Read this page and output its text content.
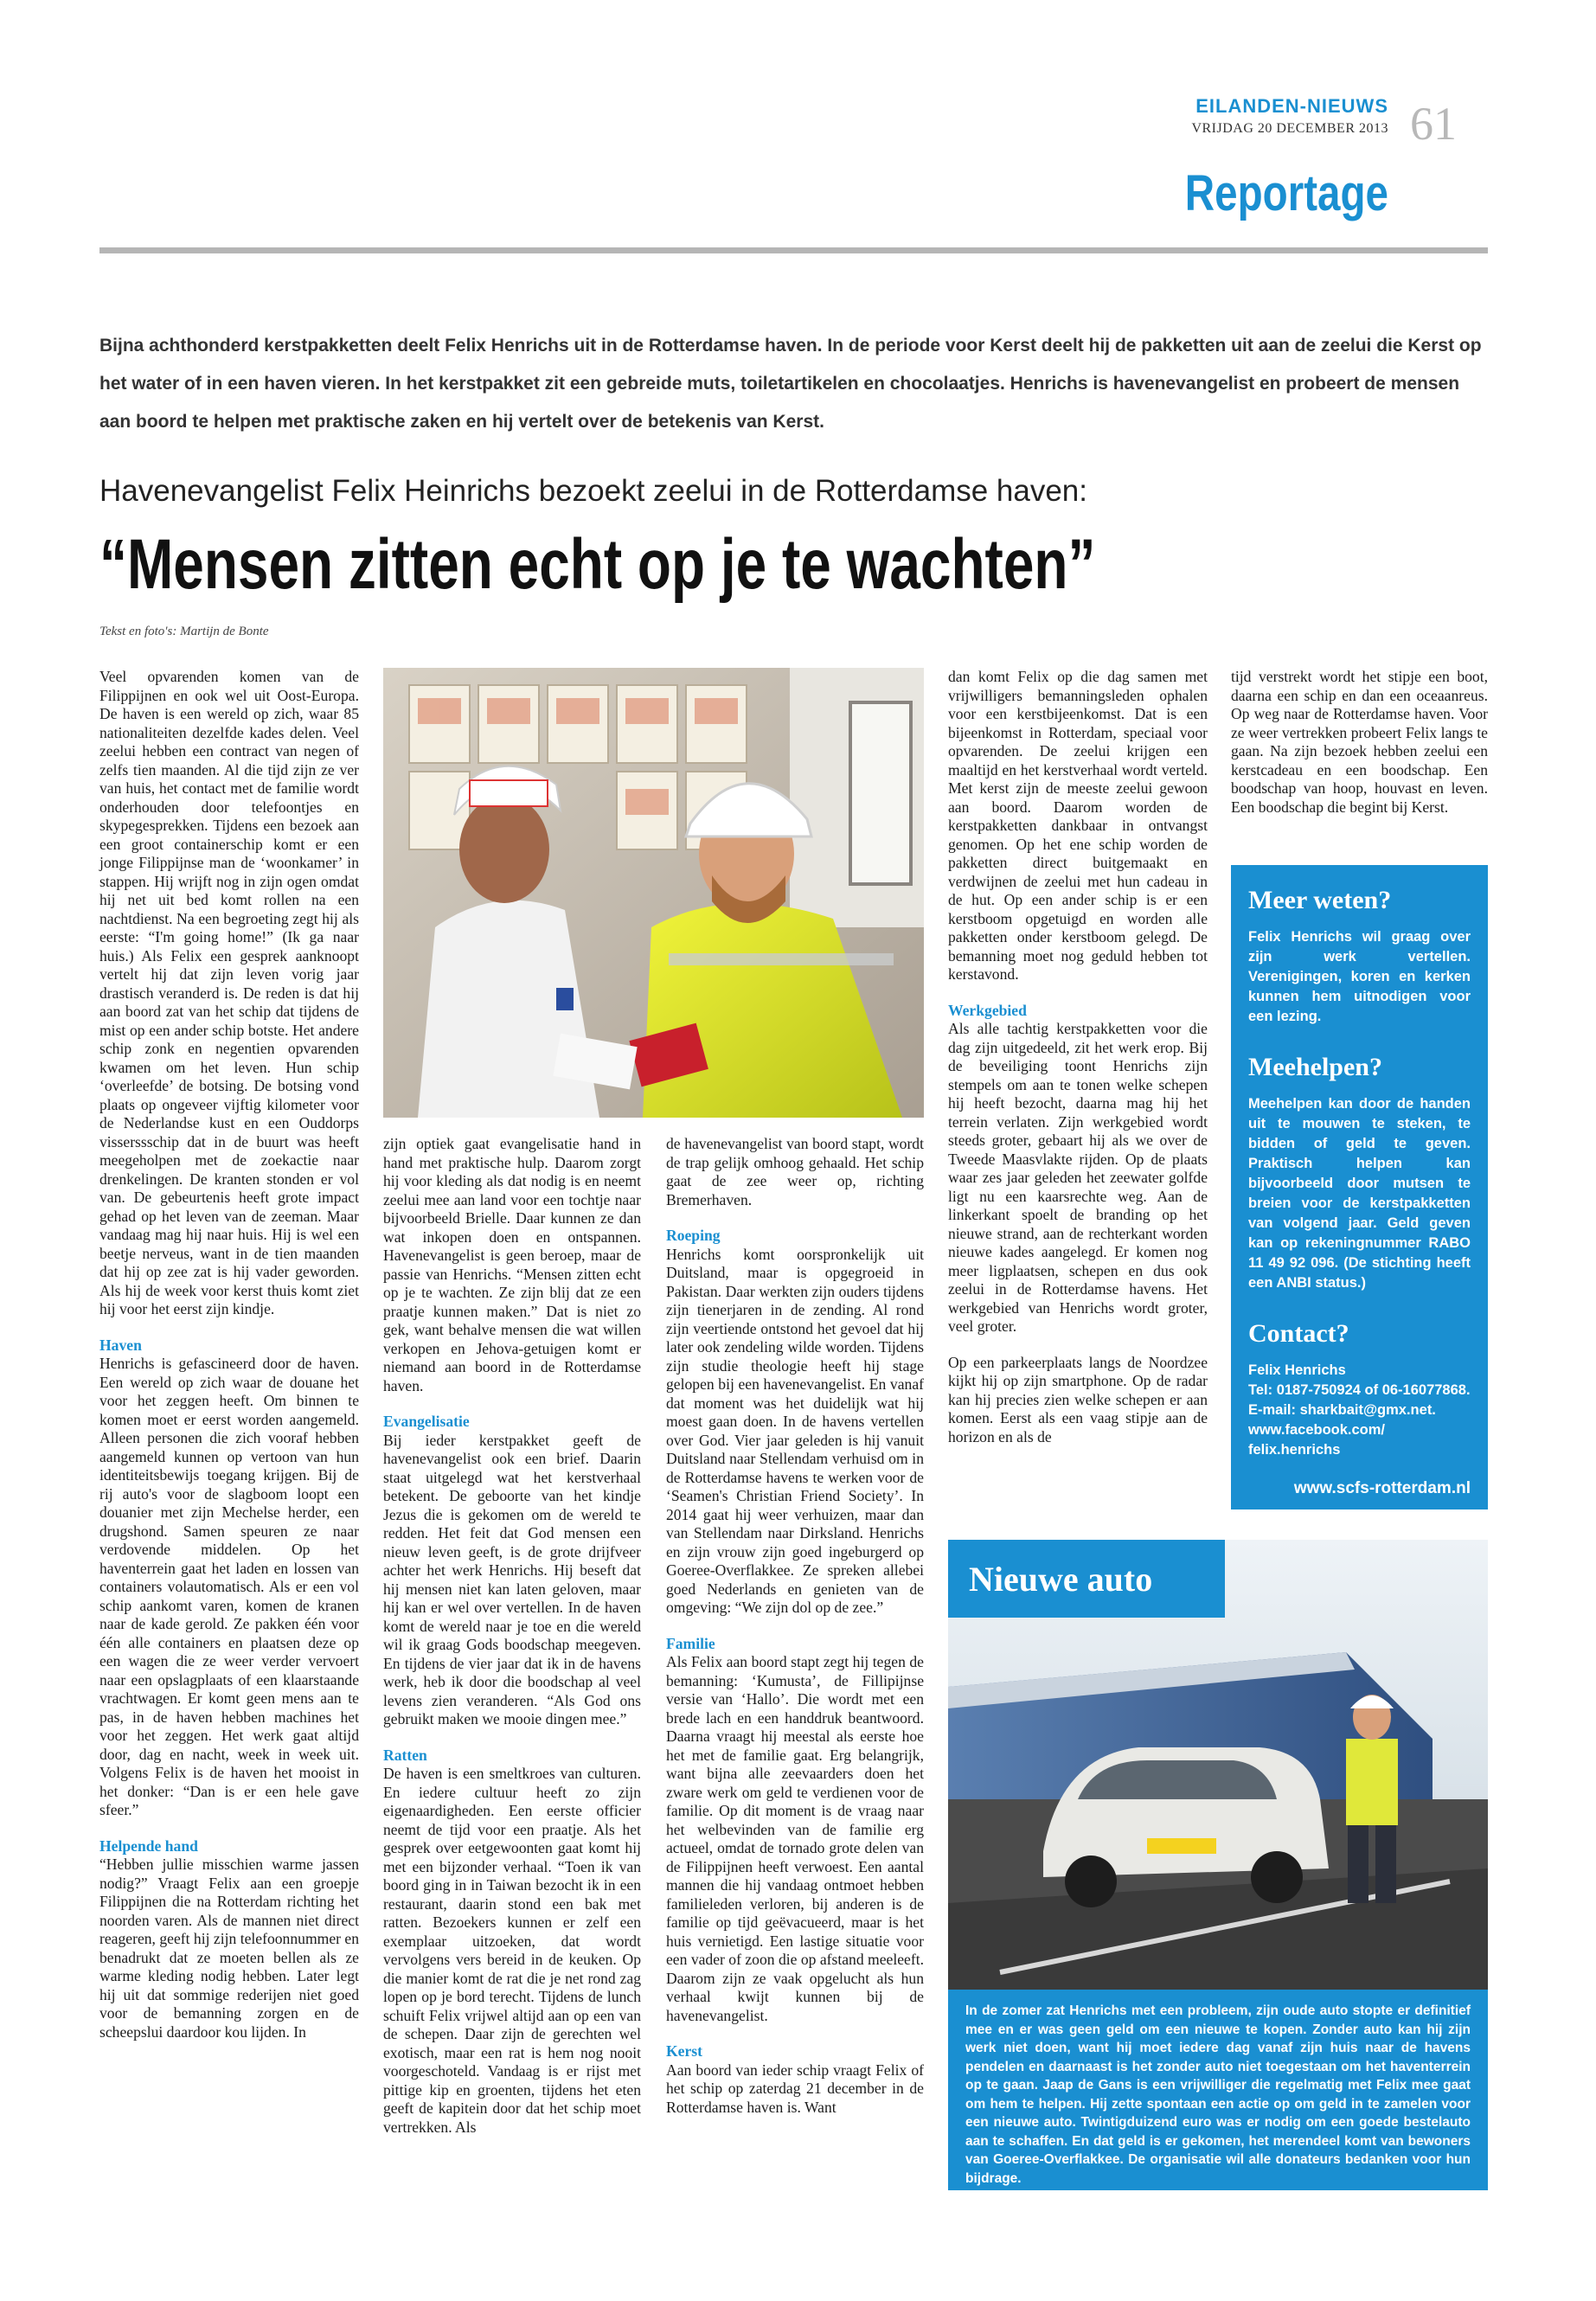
EILANDEN-NIEUWS
VRIJDAG 20 DECEMBER 2013 61
Reportage
Bijna achthonderd kerstpakketten deelt Felix Henrichs uit in de Rotterdamse haven. In de periode voor Kerst deelt hij de pakketten uit aan de zeelui die Kerst op het water of in een haven vieren. In het kerstpakket zit een gebreide muts, toiletartikelen en chocolaatjes. Henrichs is havenevangelist en probeert de mensen aan boord te helpen met praktische zaken en hij vertelt over de betekenis van Kerst.
Havenevangelist Felix Heinrichs bezoekt zeelui in de Rotterdamse haven:
“Mensen zitten echt op je te wachten”
Tekst en foto's: Martijn de Bonte

Veel opvarenden komen van de Filippijnen en ook wel uit Oost-Europa. De haven is een wereld op zich, waar 85 nationaliteiten dezelfde kades delen. Veel zeelui hebben een contract van negen of zelfs tien maanden. Al die tijd zijn ze ver van huis, het contact met de familie wordt onderhouden door telefoontjes en skypegesprekken. Tijdens een bezoek aan een groot containerschip komt er een jonge Filippijnse man de ‘woonkamer’ in stappen. Hij wrijft nog in zijn ogen omdat hij net uit bed komt rollen na een nachtdienst. Na een begroeting zegt hij als eerste: “I'm going home!” (Ik ga naar huis.) Als Felix een gesprek aanknoopt vertelt hij dat zijn leven vorig jaar drastisch veranderd is. De reden is dat hij aan boord zat van het schip dat tijdens de mist op een ander schip botste. Het andere schip zonk en negentien opvarenden kwamen om het leven. Hun schip ‘overleefde’ de botsing. De botsing vond plaats op ongeveer vijftig kilometer voor de Nederlandse kust en een Ouddorps visserssschip dat in de buurt was heeft meegeholpen met de zoekactie naar drenkelingen. De kranten stonden er vol van. De gebeurtenis heeft grote impact gehad op het leven van de zeeman. Maar vandaag mag hij naar huis. Hij is wel een beetje nerveus, want in de tien maanden dat hij op zee zat is hij vader geworden. Als hij de week voor kerst thuis komt ziet hij voor het eerst zijn kindje.

Haven

Henrichs is gefascineerd door de haven. Een wereld op zich waar de douane het voor het zeggen heeft. Om binnen te komen moet er eerst worden aangemeld. Alleen personen die zich vooraf hebben aangemeld kunnen op vertoon van hun identiteitsbewijs toegang krijgen. Bij de rij auto's voor de slagboom loopt een douanier met zijn Mechelse herder, een drugshond. Samen speuren ze naar verdovende middelen. Op het haventerrein gaat het laden en lossen van containers volautomatisch. Als er een vol schip aankomt varen, komen de kranen naar de kade gerold. Ze pakken één voor één alle containers en plaatsen deze op een wagen die ze weer verder vervoert naar een opslagplaats of een klaarstaande vrachtwagen. Er komt geen mens aan te pas, in de haven hebben machines het voor het zeggen. Het werk gaat altijd door, dag en nacht, week in week uit. Volgens Felix is de haven het mooist in het donker: “Dan is er een hele gave sfeer.”

Helpende hand

“Hebben jullie misschien warme jassen nodig?” Vraagt Felix aan een groepje Filippijnen die na Rotterdam richting het noorden varen. Als de mannen niet direct reageren, geeft hij zijn telefoonnummer en benadrukt dat ze moeten bellen als ze warme kleding nodig hebben. Later legt hij uit dat sommige rederijen niet goed voor de bemanning zorgen en de scheepslui daardoor kou lijden. In

zijn optiek gaat evangelisatie hand in hand met praktische hulp. Daarom zorgt hij voor kleding als dat nodig is en neemt zeelui mee aan land voor een tochtje naar bijvoorbeeld Brielle. Daar kunnen ze dan wat inkopen doen en ontspannen. Havenevangelist is geen beroep, maar de passie van Henrichs. “Mensen zitten echt op je te wachten. Ze zijn blij dat ze een praatje kunnen maken.” Dat is niet zo gek, want behalve mensen die wat willen verkopen en Jehova-getuigen komt er niemand aan boord in de Rotterdamse haven.

Evangelisatie

Bij ieder kerstpakket geeft de havenevangelist ook een brief. Daarin staat uitgelegd wat het kerstverhaal betekent. De geboorte van het kindje Jezus die is gekomen om de wereld te redden. Het feit dat God mensen een nieuw leven geeft, is de grote drijfveer achter het werk Henrichs. Hij beseft dat hij mensen niet kan laten geloven, maar hij kan er wel over vertellen. In de haven komt de wereld naar je toe en die wereld wil ik graag Gods boodschap meegeven. En tijdens de vier jaar dat ik in de havens werk, heb ik door die boodschap al veel levens zien veranderen. “Als God ons gebruikt maken we mooie dingen mee.”

Ratten

De haven is een smeltkroes van culturen. En iedere cultuur heeft zo zijn eigenaardigheden. Een eerste officier neemt de tijd voor een praatje. Als het gesprek over eetgewoonten gaat komt hij met een bijzonder verhaal. “Toen ik van boord ging in in Taiwan bezocht ik in een restaurant, daarin stond een bak met ratten. Bezoekers kunnen er zelf een exemplaar uitzoeken, dat wordt vervolgens vers bereid in de keuken. Op die manier komt de rat die je net rond zag lopen op je bord terecht. Tijdens de lunch schuift Felix vrijwel altijd aan op een van de schepen. Daar zijn de gerechten wel exotisch, maar een rat is hem nog nooit voorgeschoteld. Vandaag is er rijst met pittige kip en groenten, tijdens het eten geeft de kapitein door dat het schip moet vertrekken. Als

de havenevangelist van boord stapt, wordt de trap gelijk omhoog gehaald. Het schip gaat de zee weer op, richting Bremerhaven.

Roeping

Henrichs komt oorspronkelijk uit Duitsland, maar is opgegroeid in Pakistan. Daar werkten zijn ouders tijdens zijn tienerjaren in de zending. Al rond zijn veertiende ontstond het gevoel dat hij later ook zendeling wilde worden. Tijdens zijn studie theologie heeft hij stage gelopen bij een havenevangelist. En vanaf dat moment was het duidelijk wat hij moest gaan doen. In de havens vertellen over God. Vier jaar geleden is hij vanuit Duitsland naar Stellendam verhuisd om in de Rotterdamse havens te werken voor de ‘Seamen's Christian Friend Society’. In 2014 gaat hij weer verhuizen, maar dan van Stellendam naar Dirksland. Henrichs en zijn vrouw zijn goed ingeburgerd op Goeree-Overflakkee. Ze spreken allebei goed Nederlands en genieten van de omgeving: “We zijn dol op de zee.”

Familie

Als Felix aan boord stapt zegt hij tegen de bemanning: ‘Kumusta’, de Fillipijnse versie van ‘Hallo’. Die wordt met een brede lach en een handdruk beantwoord. Daarna vraagt hij meestal als eerste hoe het met de familie gaat. Erg belangrijk, want bijna alle zeevaarders doen het zware werk om geld te verdienen voor de familie. Op dit moment is de vraag naar het welbevinden van de familie erg actueel, omdat de tornado grote delen van de Filippijnen heeft verwoest. Een aantal mannen die hij vandaag ontmoet hebben familieleden verloren, bij anderen is de familie op tijd geëvacueerd, maar is het huis vernietigd. Een lastige situatie voor een vader of zoon die op afstand meeleeft. Daarom zijn ze vaak opgelucht als hun verhaal kwijt kunnen bij de havenevangelist.

Kerst

Aan boord van ieder schip vraagt Felix of het schip op zaterdag 21 december in de Rotterdamse haven is. Want

dan komt Felix op die dag samen met vrijwilligers bemanningsleden ophalen voor een kerstbijeenkomst. Dat is een bijeenkomst in Rotterdam, speciaal voor opvarenden. De zeelui krijgen een maaltijd en het kerstverhaal wordt verteld. Met kerst zijn de meeste zeelui gewoon aan boord. Daarom worden de kerstpakketten dankbaar in ontvangst genomen. Op het ene schip worden de pakketten direct buitgemaakt en verdwijnen de zeelui met hun cadeau in de hut. Op een ander schip is er een kerstboom opgetuigd en worden alle pakketten onder kerstboom gelegd. De bemanning moet nog geduld hebben tot kerstavond.

Werkgebied

Als alle tachtig kerstpakketten voor die dag zijn uitgedeeld, zit het werk erop. Bij de beveiliging toont Henrichs zijn stempels om aan te tonen welke schepen hij heeft bezocht, daarna mag hij het terrein verlaten. Zijn werkgebied wordt steeds groter, gebaart hij als we over de Tweede Maasvlakte rijden. Op de plaats waar zes jaar geleden het zeewater golfde ligt nu een kaarsrechte weg. Aan de linkerkant spoelt de branding op het nieuwe strand, aan de rechterkant worden nieuwe kades aangelegd. Er komen nog meer ligplaatsen, schepen en dus ook zeelui in de Rotterdamse havens. Het werkgebied van Henrichs wordt groter, veel groter.

Op een parkeerplaats langs de Noordzee kijkt hij op zijn smartphone. Op de radar kan hij precies zien welke schepen er aan komen. Eerst als een vaag stipje aan de horizon en als de

tijd verstrekt wordt het stipje een boot, daarna een schip en dan een oceaanreus. Op weg naar de Rotterdamse haven. Voor ze weer vertrekken probeert Felix langs te gaan. Na zijn bezoek hebben zeelui een kerstcadeau en een boodschap. Een boodschap van hoop, houvast en leven. Een boodschap die begint bij Kerst.

Meer weten?

Felix Henrichs wil graag over zijn werk vertellen. Verenigingen, koren en kerken kunnen hem uitnodigen voor een lezing.

Meehelpen?

Meehelpen kan door de handen uit te mouwen te steken, te bidden of geld te geven. Praktisch helpen kan bijvoorbeeld door mutsen te breien voor de kerstpakketten van volgend jaar. Geld geven kan op rekeningnummer RABO 11 49 92 096. (De stichting heeft een ANBI status.)

Contact?

Felix Henrichs

Tel: 0187-750924 of 06-16077868.

E-mail: sharkbait@gmx.net.

www.facebook.com/

felix.henrichs

www.scfs-rotterdam.nl
Nieuwe auto
In de zomer zat Henrichs met een probleem, zijn oude auto stopte er definitief mee en er was geen geld om een nieuwe te kopen. Zonder auto kan hij zijn werk niet doen, want hij moet iedere dag vanaf zijn huis naar de havens pendelen en daarnaast is het zonder auto niet toegestaan om het haventerrein op te gaan. Jaap de Gans is een vrijwilliger die regelmatig met Felix mee gaat om hem te helpen. Hij zette spontaan een actie op om geld in te zamelen voor een nieuwe auto. Twintigduizend euro was er nodig om een goede bestelauto aan te schaffen. En dat geld is er gekomen, het merendeel komt van bewoners van Goeree-Overflakkee. De organisatie wil alle donateurs bedanken voor hun bijdrage.
